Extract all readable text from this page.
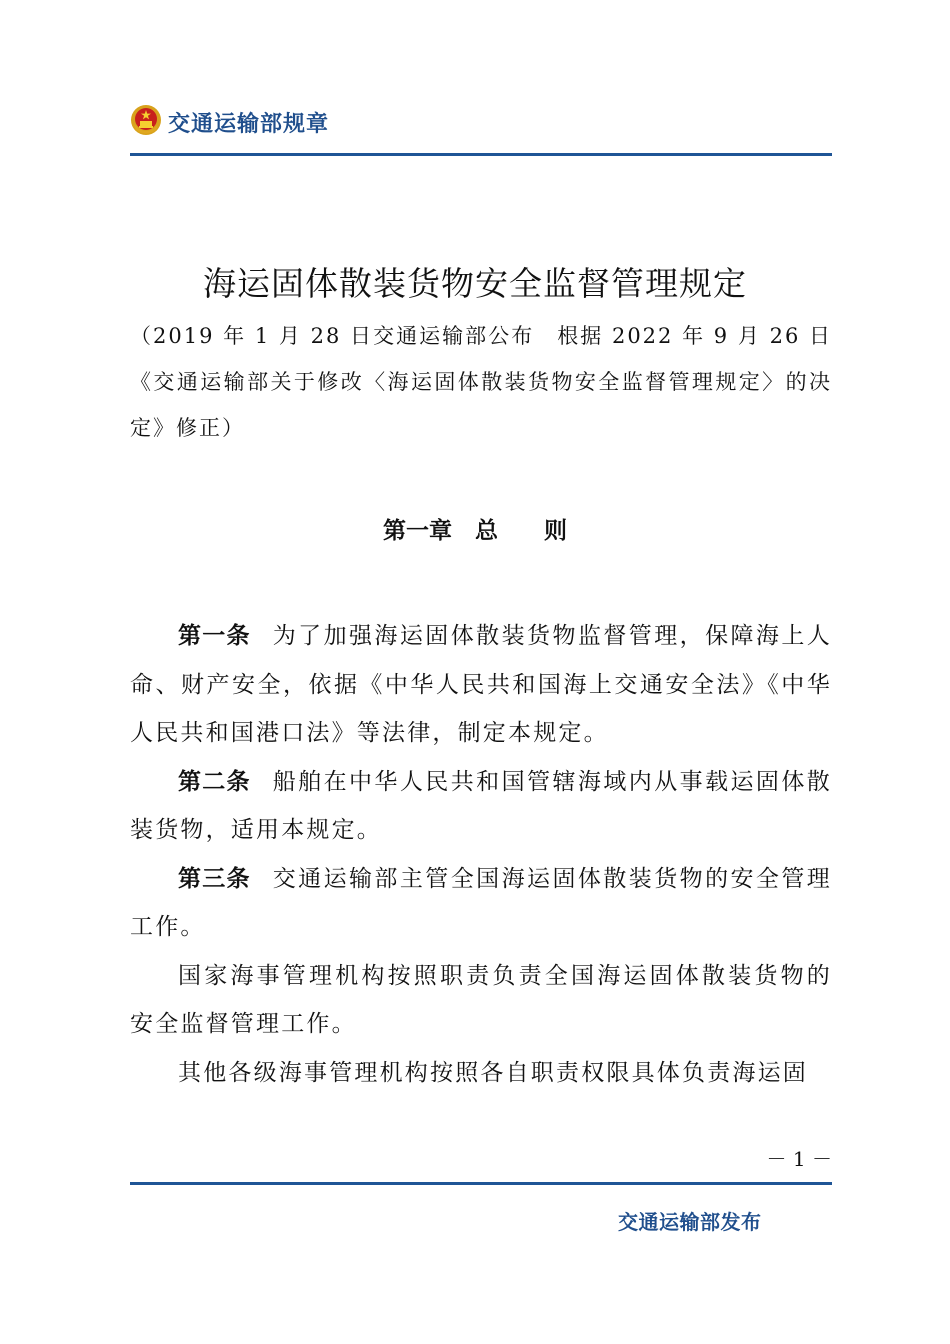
交通运输部规章
海运固体散装货物安全监督管理规定
（2019 年 1 月 28 日交通运输部公布　根据 2022 年 9 月 26 日《交通运输部关于修改〈海运固体散装货物安全监督管理规定〉的决定》修正）
第一章　总　　则

第一条 为了加强海运固体散装货物监督管理，保障海上人命、财产安全，依据《中华人民共和国海上交通安全法》《中华人民共和国港口法》等法律，制定本规定。

第二条 船舶在中华人民共和国管辖海域内从事载运固体散装货物，适用本规定。

第三条 交通运输部主管全国海运固体散装货物的安全管理工作。

国家海事管理机构按照职责负责全国海运固体散装货物的安全监督管理工作。

其他各级海事管理机构按照各自职责权限具体负责海运固

－ 1 －
交通运输部发布
